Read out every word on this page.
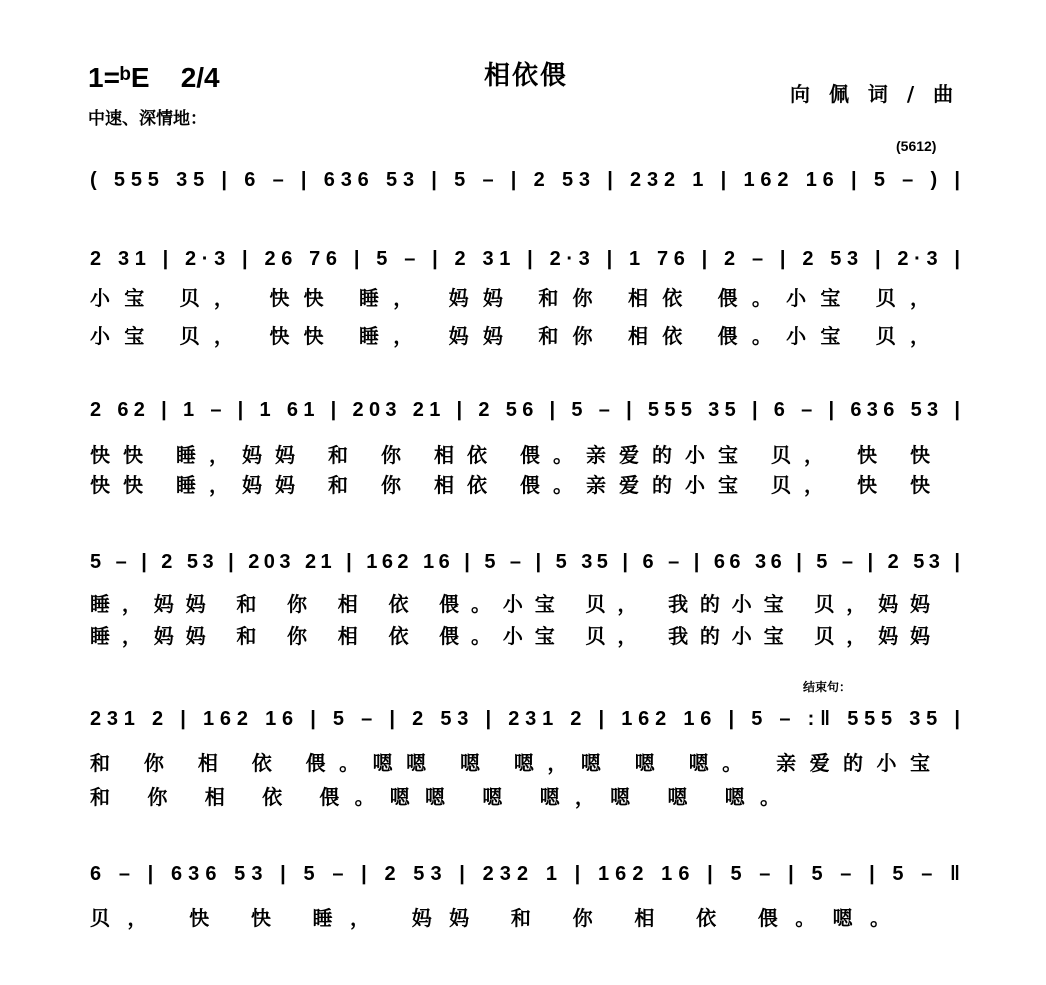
1=ᵇE 2/4	相依偎
中速、深情地：
向 佩 词 / 曲
(5612)
结束句：
( 555 35 | 6 – | 636 53 | 5 – | 2 53 | 232 1 | 162 16 | 5 – ) |
2 31 | 2·3 | 26 76 | 5 – | 2 31 | 2·3 | 1 76 | 2 – | 2 53 | 2·3 |
小宝 贝， 快快 睡， 妈妈 和你 相依 偎。小宝 贝，
小宝 贝， 快快 睡， 妈妈 和你 相依 偎。小宝 贝，
2 62 | 1 – | 1 61 | 203 21 | 2 56 | 5 – | 555 35 | 6 – | 636 53 |
快快 睡，妈妈 和 你 相依 偎。亲爱的小宝 贝， 快 快
快快 睡，妈妈 和 你 相依 偎。亲爱的小宝 贝， 快 快
5 – | 2 53 | 203 21 | 162 16 | 5 – | 5 35 | 6 – | 66 36 | 5 – | 2 53 |
睡，妈妈 和 你 相 依 偎。小宝 贝， 我的小宝 贝，妈妈
睡，妈妈 和 你 相 依 偎。小宝 贝， 我的小宝 贝，妈妈
231 2 | 162 16 | 5 – | 2 53 | 231 2 | 162 16 | 5 – :‖ 555 35 |
和 你 相 依 偎。嗯嗯 嗯 嗯，嗯 嗯 嗯。 亲爱的小宝
和 你 相 依 偎。嗯嗯 嗯 嗯，嗯 嗯 嗯。
6 – | 636 53 | 5 – | 2 53 | 232 1 | 162 16 | 5 – | 5 – | 5 – ‖
贝， 快 快 睡， 妈妈 和 你 相 依 偎。嗯。
